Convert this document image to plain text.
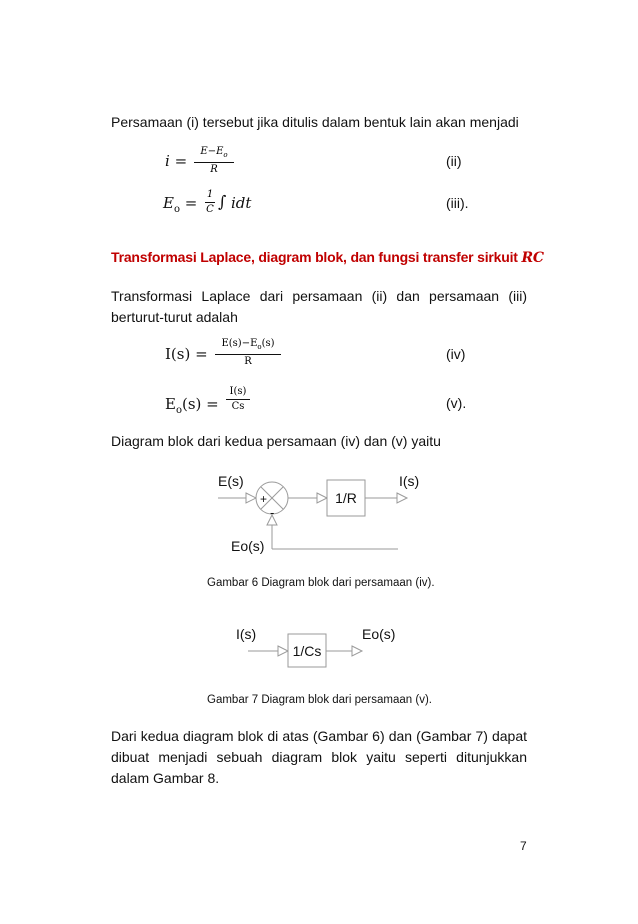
Persamaan (i) tersebut jika ditulis dalam bentuk lain akan menjadi
$i = \frac{E-E_o}{R}$	(ii)
$E_o = \frac{1}{C}$ ∫ idt	(iii).
Transformasi Laplace, diagram blok, dan fungsi transfer sirkuit RC
Transformasi Laplace dari persamaan (ii) dan persamaan (iii) berturut-turut adalah
$I(s) = \frac{E(s)-E_o(s)}{R}$	(iv)
$E_o(s) = \frac{I(s)}{Cs}$	(v).
Diagram blok dari kedua persamaan (iv) dan (v) yaitu
E(s)	I(s)
Eo(s)
+
-
1/R
Gambar 6 Diagram blok dari persamaan (iv).
I(s)	Eo(s)
1/Cs
Gambar 7 Diagram blok dari persamaan (v).
Dari kedua diagram blok di atas (Gambar 6) dan (Gambar 7) dapat dibuat menjadi sebuah diagram blok yaitu seperti ditunjukkan dalam Gambar 8.
7
